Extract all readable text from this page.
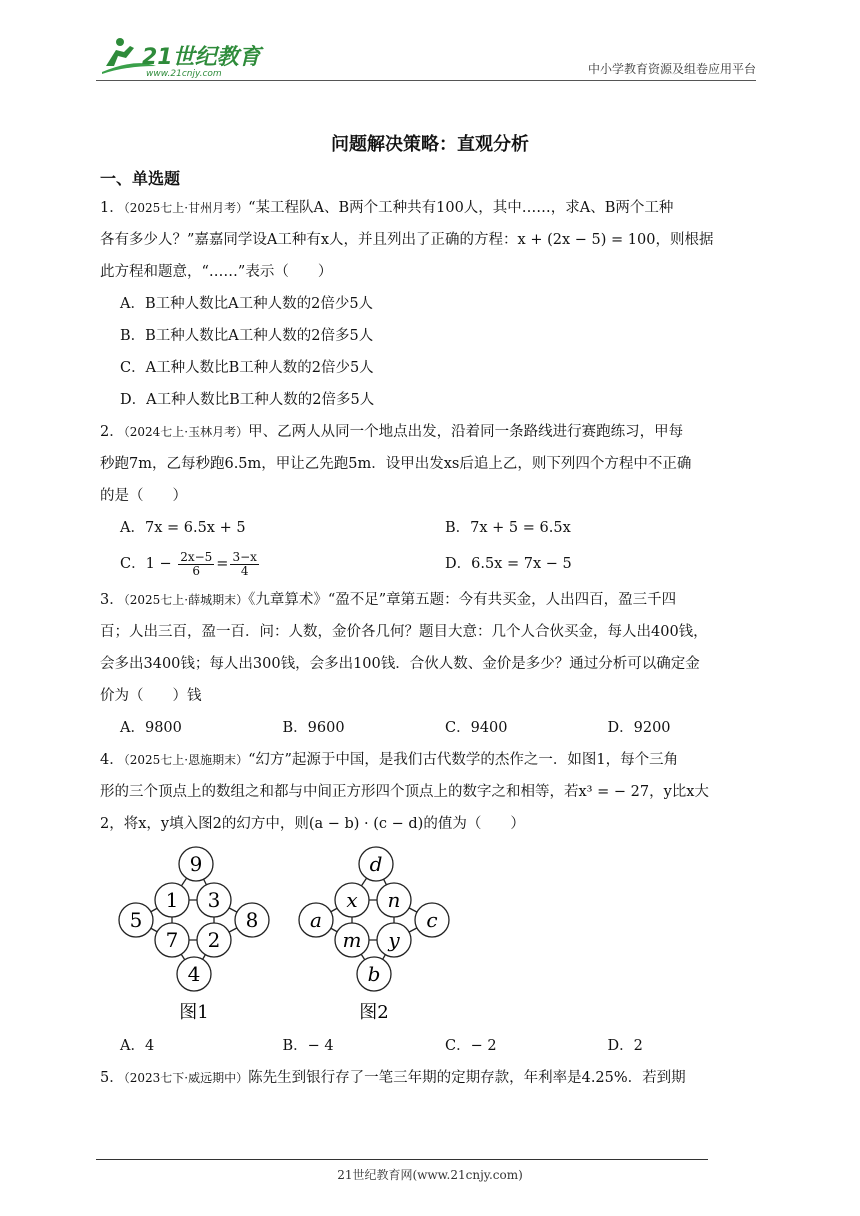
21世纪教育
www.21cnjy.com	中小学教育资源及组卷应用平台
问题解决策略：直观分析
一、单选题

1．（2025七上·甘州月考）“某工程队A、B两个工种共有100人，其中……，求A、B两个工种

各有多少人？”嘉嘉同学设A工种有x人，并且列出了正确的方程：x + (2x − 5) = 100，则根据

此方程和题意，“……”表示（　　）

A．B工种人数比A工种人数的2倍少5人
B．B工种人数比A工种人数的2倍多5人
C．A工种人数比B工种人数的2倍少5人
D．A工种人数比B工种人数的2倍多5人

2．（2024七上·玉林月考）甲、乙两人从同一个地点出发，沿着同一条路线进行赛跑练习，甲每

秒跑7m，乙每秒跑6.5m，甲让乙先跑5m．设甲出发xs后追上乙，则下列四个方程中不正确

的是（　　）

A．7x = 6.5x + 5	B．7x + 5 = 6.5x
C．$1 - \frac{2x-5}{6} = \frac{3-x}{4}$	D．6.5x = 7x − 5

3．（2025七上·薛城期末）《九章算术》“盈不足”章第五题：今有共买金，人出四百，盈三千四

百；人出三百，盈一百．问：人数，金价各几何？题目大意：几个人合伙买金，每人出400钱，

会多出3400钱；每人出300钱，会多出100钱．合伙人数、金价是多少？通过分析可以确定金

价为（　　）钱

A．9800	B．9600	C．9400	D．9200

4．（2025七上·恩施期末）“幻方”起源于中国，是我们古代数学的杰作之一．如图1，每个三角

形的三个顶点上的数组之和都与中间正方形四个顶点上的数字之和相等，若x³ = − 27，y比x大

2，将x，y填入图2的幻方中，则(a − b) · (c − d)的值为（　　）

9
1 3
5	8
7 2
4
图1
d
x n
a	c
m y
b
图2
A．4	B．− 4	C．− 2	D．2

5．（2023七下·威远期中）陈先生到银行存了一笔三年期的定期存款，年利率是4.25%．若到期

21世纪教育网(www.21cnjy.com)
